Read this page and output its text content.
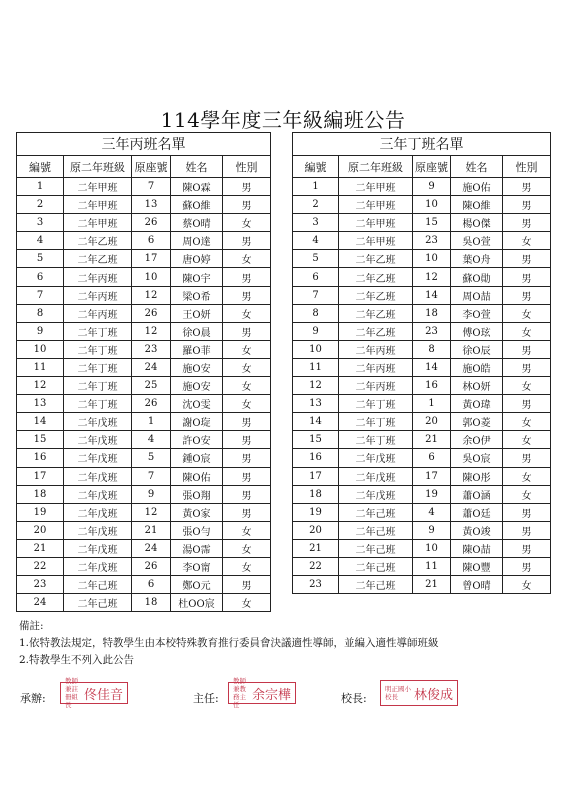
114學年度三年級編班公告
三年丙班名單				
編號	原二年班級	原座號	姓名	性別
1	二年甲班	7	陳O霖	男
2	二年甲班	13	蘇O維	男
3	二年甲班	26	蔡O晴	女
4	二年乙班	6	周O達	男
5	二年乙班	17	唐O婷	女
6	二年丙班	10	陳O宇	男
7	二年丙班	12	梁O希	男
8	二年丙班	26	王O妍	女
9	二年丁班	12	徐O晨	男
10	二年丁班	23	羅O菲	女
11	二年丁班	24	施O安	女
12	二年丁班	25	施O安	女
13	二年丁班	26	沈O雯	女
14	二年戊班	1	謝O琁	男
15	二年戊班	4	許O安	男
16	二年戊班	5	鍾O宸	男
17	二年戊班	7	陳O佑	男
18	二年戊班	9	張O翔	男
19	二年戊班	12	黃O家	男
20	二年戊班	21	張O勻	女
21	二年戊班	24	湯O霈	女
22	二年戊班	26	李O甯	女
23	二年己班	6	鄭O元	男
24	二年己班	18	杜OO宸	女
三年丁班名單				
編號	原二年班級	原座號	姓名	性別
1	二年甲班	9	施O佑	男
2	二年甲班	10	陳O維	男
3	二年甲班	15	楊O傑	男
4	二年甲班	23	吳O萱	女
5	二年乙班	10	葉O舟	男
6	二年乙班	12	蘇O勛	男
7	二年乙班	14	周O喆	男
8	二年乙班	18	李O萱	女
9	二年乙班	23	傅O玹	女
10	二年丙班	8	徐O辰	男
11	二年丙班	14	施O皓	男
12	二年丙班	16	林O妍	女
13	二年丁班	1	黃O瑋	男
14	二年丁班	20	郭O菱	女
15	二年丁班	21	余O伊	女
16	二年戊班	6	吳O宸	男
17	二年戊班	17	陳O彤	女
18	二年戊班	19	蕭O涵	女
19	二年己班	4	蕭O廷	男
20	二年己班	9	黃O竣	男
21	二年己班	10	陳O喆	男
22	二年己班	11	陳O豐	男
23	二年己班	21	曾O晴	女
備註:
1.依特教法規定，特教學生由本校特殊教育推行委員會決議適性導師，並編入適性導師班級
2.特教學生不列入此公告
承辦:
教師兼註冊組長
佟佳音	主任:
教師兼教務主任
余宗樺	校長:
明正國小校長	林俊成
